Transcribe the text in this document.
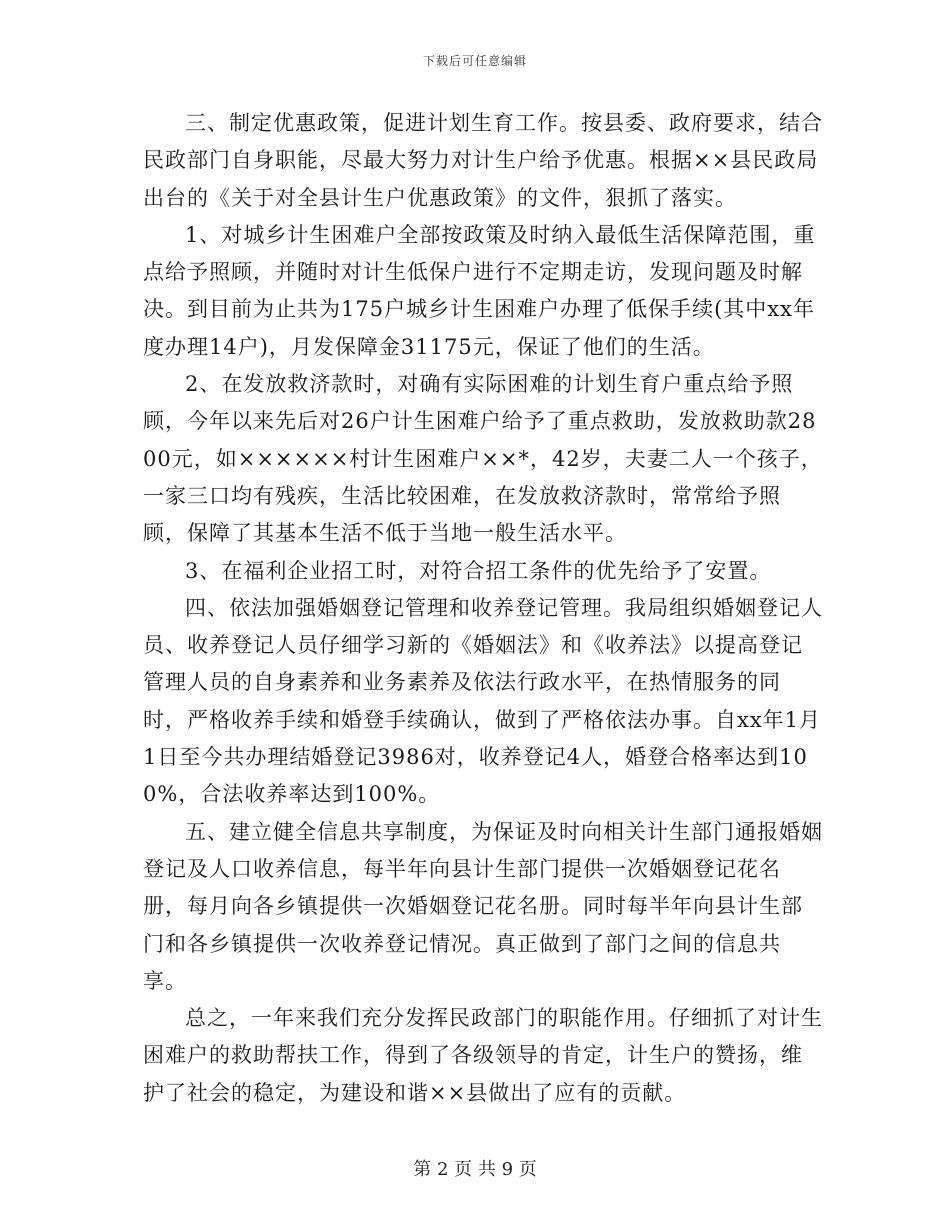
下载后可任意编辑

三、制定优惠政策，促进计划生育工作。按县委、政府要求，结合民政部门自身职能，尽最大努力对计生户给予优惠。根据××县民政局出台的《关于对全县计生户优惠政策》的文件，狠抓了落实。

1、对城乡计生困难户全部按政策及时纳入最低生活保障范围，重点给予照顾，并随时对计生低保户进行不定期走访，发现问题及时解决。到目前为止共为175户城乡计生困难户办理了低保手续(其中xx年度办理14户)，月发保障金31175元，保证了他们的生活。

2、在发放救济款时，对确有实际困难的计划生育户重点给予照顾，今年以来先后对26户计生困难户给予了重点救助，发放救助款2800元，如××××××村计生困难户××*，42岁，夫妻二人一个孩子，一家三口均有残疾，生活比较困难，在发放救济款时，常常给予照顾，保障了其基本生活不低于当地一般生活水平。

3、在福利企业招工时，对符合招工条件的优先给予了安置。

四、依法加强婚姻登记管理和收养登记管理。我局组织婚姻登记人员、收养登记人员仔细学习新的《婚姻法》和《收养法》以提高登记管理人员的自身素养和业务素养及依法行政水平，在热情服务的同时，严格收养手续和婚登手续确认，做到了严格依法办事。自xx年1月1日至今共办理结婚登记3986对，收养登记4人，婚登合格率达到100%，合法收养率达到100%。

五、建立健全信息共享制度，为保证及时向相关计生部门通报婚姻登记及人口收养信息，每半年向县计生部门提供一次婚姻登记花名册，每月向各乡镇提供一次婚姻登记花名册。同时每半年向县计生部门和各乡镇提供一次收养登记情况。真正做到了部门之间的信息共享。

总之，一年来我们充分发挥民政部门的职能作用。仔细抓了对计生困难户的救助帮扶工作，得到了各级领导的肯定，计生户的赞扬，维护了社会的稳定，为建设和谐××县做出了应有的贡献。

第 2 页 共 9 页
